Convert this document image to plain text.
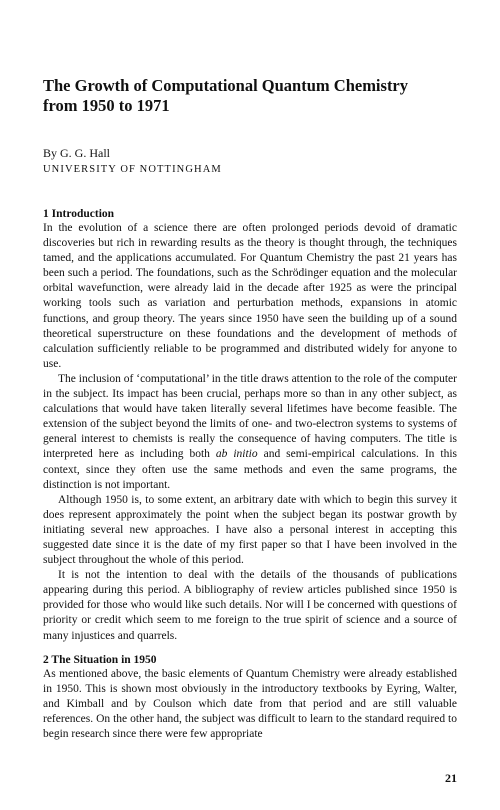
The Growth of Computational Quantum Chemistry
from 1950 to 1971
By G. G. Hall
UNIVERSITY OF NOTTINGHAM
1 Introduction

In the evolution of a science there are often prolonged periods devoid of dramatic discoveries but rich in rewarding results as the theory is thought through, the techniques tamed, and the applications accumulated. For Quantum Chemistry the past 21 years has been such a period. The foundations, such as the Schrödinger equation and the molecular orbital wavefunction, were already laid in the decade after 1925 as were the principal working tools such as variation and perturbation methods, expansions in atomic functions, and group theory. The years since 1950 have seen the building up of a sound theoretical superstructure on these foundations and the development of methods of calculation sufficiently reliable to be programmed and distributed widely for anyone to use.

The inclusion of ‘computational’ in the title draws attention to the role of the computer in the subject. Its impact has been crucial, perhaps more so than in any other subject, as calculations that would have taken literally several lifetimes have become feasible. The extension of the subject beyond the limits of one- and two-electron systems to systems of general interest to chemists is really the consequence of having computers. The title is interpreted here as including both ab initio and semi-empirical calculations. In this context, since they often use the same methods and even the same programs, the distinction is not important.

Although 1950 is, to some extent, an arbitrary date with which to begin this survey it does represent approximately the point when the subject began its postwar growth by initiating several new approaches. I have also a personal interest in accepting this suggested date since it is the date of my first paper so that I have been involved in the subject throughout the whole of this period.

It is not the intention to deal with the details of the thousands of publications appearing during this period. A bibliography of review articles published since 1950 is provided for those who would like such details. Nor will I be concerned with questions of priority or credit which seem to me foreign to the true spirit of science and a source of many injustices and quarrels.

2 The Situation in 1950

As mentioned above, the basic elements of Quantum Chemistry were already established in 1950. This is shown most obviously in the introductory textbooks by Eyring, Walter, and Kimball and by Coulson which date from that period and are still valuable references. On the other hand, the subject was difficult to learn to the standard required to begin research since there were few appropriate

21
